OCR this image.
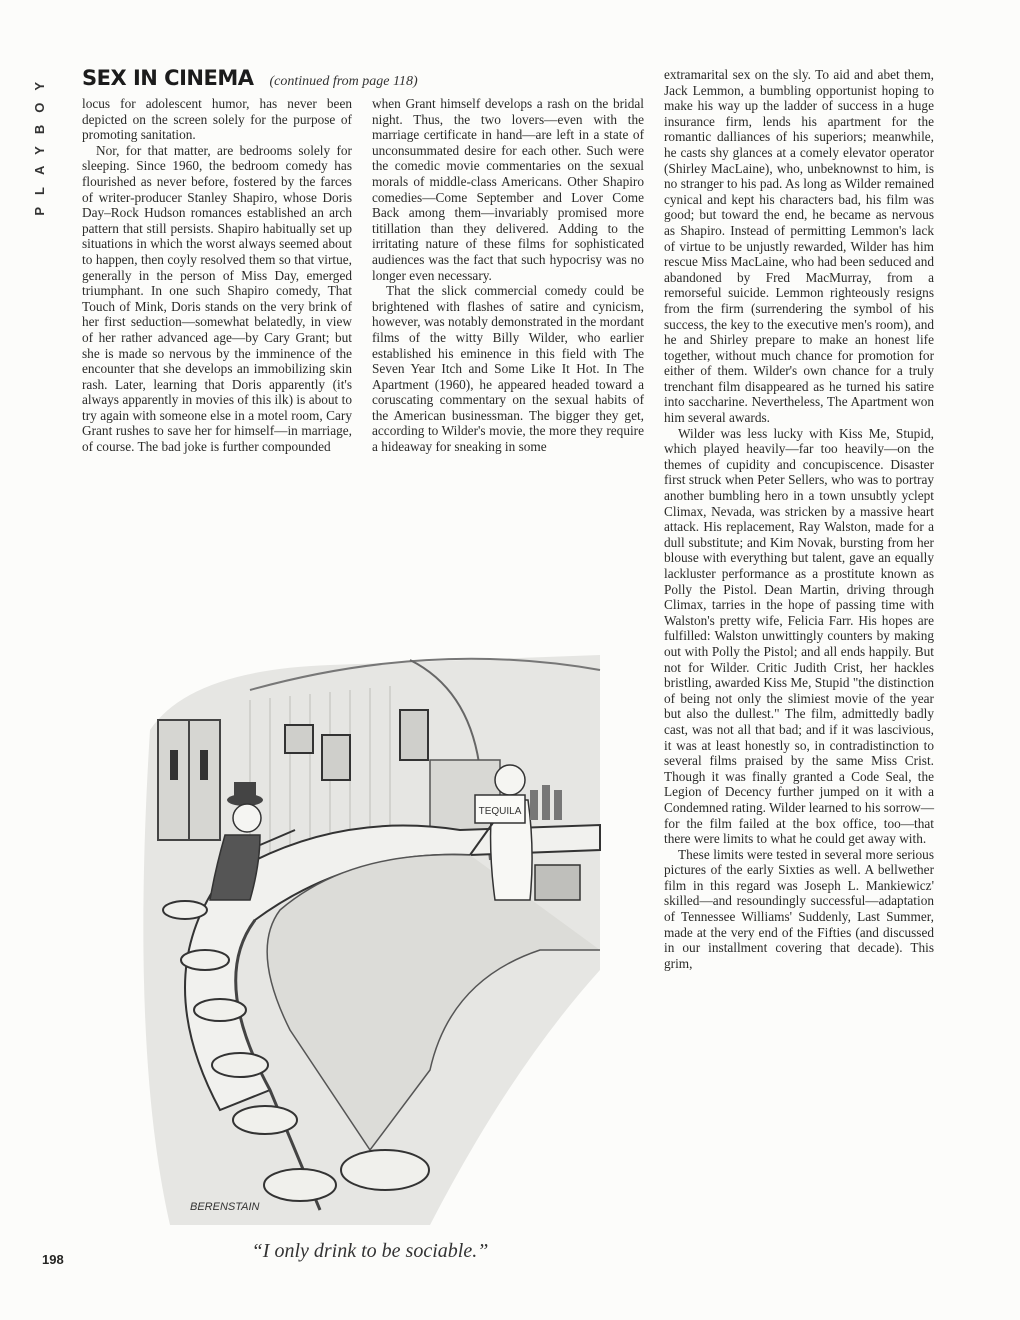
PLAYBOY SEX IN CINEMA (continued from page 118)

locus for adolescent humor, has never been depicted on the screen solely for the purpose of promoting sanitation.

Nor, for that matter, are bedrooms solely for sleeping. Since 1960, the bedroom comedy has flourished as never before, fostered by the farces of writer-producer Stanley Shapiro, whose Doris Day–Rock Hudson romances established an arch pattern that still persists. Shapiro habitually set up situations in which the worst always seemed about to happen, then coyly resolved them so that virtue, generally in the person of Miss Day, emerged triumphant. In one such Shapiro comedy, That Touch of Mink, Doris stands on the very brink of her first seduction—somewhat belatedly, in view of her rather advanced age—by Cary Grant; but she is made so nervous by the imminence of the encounter that she develops an immobilizing skin rash. Later, learning that Doris apparently (it's always apparently in movies of this ilk) is about to try again with someone else in a motel room, Cary Grant rushes to save her for himself—in marriage, of course. The bad joke is further compounded

when Grant himself develops a rash on the bridal night. Thus, the two lovers—even with the marriage certificate in hand—are left in a state of unconsummated desire for each other. Such were the comedic movie commentaries on the sexual morals of middle-class Americans. Other Shapiro comedies—Come September and Lover Come Back among them—invariably promised more titillation than they delivered. Adding to the irritating nature of these films for sophisticated audiences was the fact that such hypocrisy was no longer even necessary.

That the slick commercial comedy could be brightened with flashes of satire and cynicism, however, was notably demonstrated in the mordant films of the witty Billy Wilder, who earlier established his eminence in this field with The Seven Year Itch and Some Like It Hot. In The Apartment (1960), he appeared headed toward a coruscating commentary on the sexual habits of the American businessman. The bigger they get, according to Wilder's movie, the more they require a hideaway for sneaking in some

extramarital sex on the sly. To aid and abet them, Jack Lemmon, a bumbling opportunist hoping to make his way up the ladder of success in a huge insurance firm, lends his apartment for the romantic dalliances of his superiors; meanwhile, he casts shy glances at a comely elevator operator (Shirley MacLaine), who, unbeknownst to him, is no stranger to his pad. As long as Wilder remained cynical and kept his characters bad, his film was good; but toward the end, he became as nervous as Shapiro. Instead of permitting Lemmon's lack of virtue to be unjustly rewarded, Wilder has him rescue Miss MacLaine, who had been seduced and abandoned by Fred MacMurray, from a remorseful suicide. Lemmon righteously resigns from the firm (surrendering the symbol of his success, the key to the executive men's room), and he and Shirley prepare to make an honest life together, without much chance for promotion for either of them. Wilder's own chance for a truly trenchant film disappeared as he turned his satire into saccharine. Nevertheless, The Apartment won him several awards.

Wilder was less lucky with Kiss Me, Stupid, which played heavily—far too heavily—on the themes of cupidity and concupiscence. Disaster first struck when Peter Sellers, who was to portray another bumbling hero in a town unsubtly yclept Climax, Nevada, was stricken by a massive heart attack. His replacement, Ray Walston, made for a dull substitute; and Kim Novak, bursting from her blouse with everything but talent, gave an equally lackluster performance as a prostitute known as Polly the Pistol. Dean Martin, driving through Climax, tarries in the hope of passing time with Walston's pretty wife, Felicia Farr. His hopes are fulfilled: Walston unwittingly counters by making out with Polly the Pistol; and all ends happily. But not for Wilder. Critic Judith Crist, her hackles bristling, awarded Kiss Me, Stupid "the distinction of being not only the slimiest movie of the year but also the dullest." The film, admittedly badly cast, was not all that bad; and if it was lascivious, it was at least honestly so, in contradistinction to several films praised by the same Miss Crist. Though it was finally granted a Code Seal, the Legion of Decency further jumped on it with a Condemned rating. Wilder learned to his sorrow—for the film failed at the box office, too—that there were limits to what he could get away with.

These limits were tested in several more serious pictures of the early Sixties as well. A bellwether film in this regard was Joseph L. Mankiewicz' skilled—and resoundingly successful—adaptation of Tennessee Williams' Suddenly, Last Summer, made at the very end of the Fifties (and discussed in our installment covering that decade). This grim,

TEQUILA
BERENSTAIN
“I only drink to be sociable.”
198
